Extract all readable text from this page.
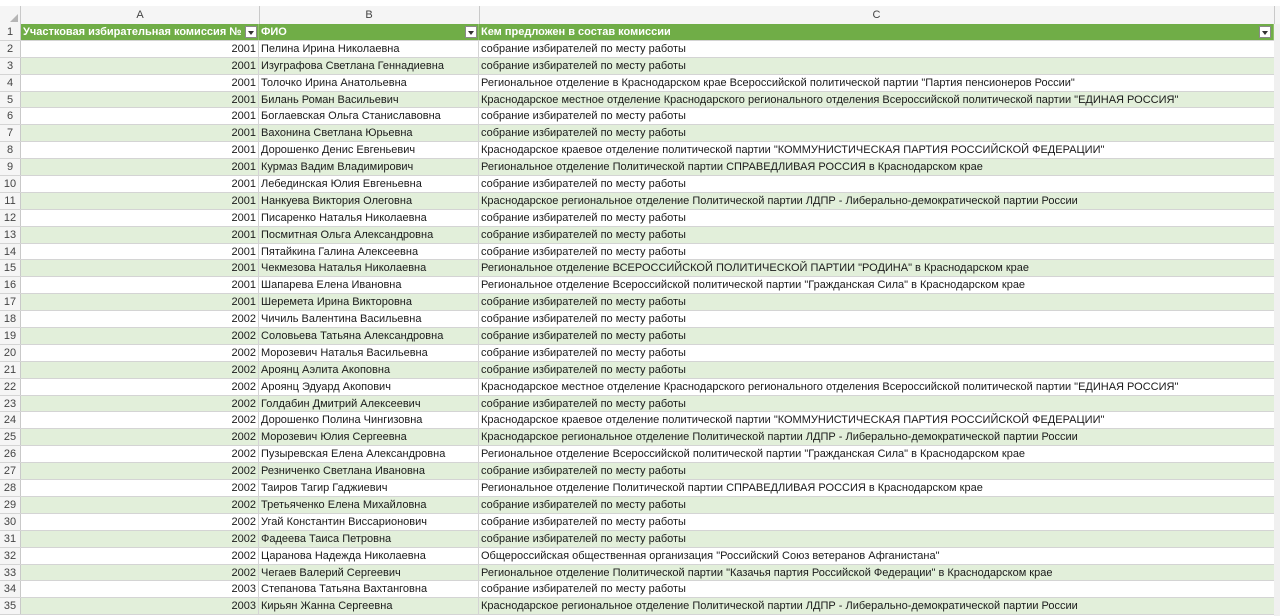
A	B	C
1 Участковая избирательная комиссия №	ФИО	Кем предложен в состав комиссии
2	2001 Пелина Ирина Николаевна	собрание избирателей по месту работы
3	2001 Изуграфова Светлана Геннадиевна	собрание избирателей по месту работы
4	2001 Толочко Ирина Анатольевна	Региональное отделение в Краснодарском крае Всероссийской политической партии "Партия пенсионеров России"
5	2001 Билань Роман Васильевич	Краснодарское местное отделение Краснодарского регионального отделения Всероссийской политической партии "ЕДИНАЯ РОССИЯ"
6	2001 Боглаевская Ольга Станиславовна	собрание избирателей по месту работы
7	2001 Вахонина Светлана Юрьевна	собрание избирателей по месту работы
8	2001 Дорошенко Денис Евгеньевич	Краснодарское краевое отделение политической партии "КОММУНИСТИЧЕСКАЯ ПАРТИЯ РОССИЙСКОЙ ФЕДЕРАЦИИ"
9	2001 Курмаз Вадим Владимирович	Региональное отделение Политической партии СПРАВЕДЛИВАЯ РОССИЯ в Краснодарском крае
10	2001 Лебединская Юлия Евгеньевна	собрание избирателей по месту работы
11	2001 Нанкуева Виктория Олеговна	Краснодарское региональное отделение Политической партии ЛДПР - Либерально-демократической партии России
12	2001 Писаренко Наталья Николаевна	собрание избирателей по месту работы
13	2001 Посмитная Ольга Александровна	собрание избирателей по месту работы
14	2001 Пятайкина Галина Алексеевна	собрание избирателей по месту работы
15	2001 Чекмезова Наталья Николаевна	Региональное отделение ВСЕРОССИЙСКОЙ ПОЛИТИЧЕСКОЙ ПАРТИИ "РОДИНА" в Краснодарском крае
16	2001 Шапарева Елена Ивановна	Региональное отделение Всероссийской политической партии "Гражданская Сила" в Краснодарском крае
17	2001 Шеремета Ирина Викторовна	собрание избирателей по месту работы
18	2002 Чичиль Валентина Васильевна	собрание избирателей по месту работы
19	2002 Соловьева Татьяна Александровна	собрание избирателей по месту работы
20	2002 Морозевич Наталья Васильевна	собрание избирателей по месту работы
21	2002 Ароянц Аэлита Акоповна	собрание избирателей по месту работы
22	2002 Ароянц Эдуард Акопович	Краснодарское местное отделение Краснодарского регионального отделения Всероссийской политической партии "ЕДИНАЯ РОССИЯ"
23	2002 Голдабин Дмитрий Алексеевич	собрание избирателей по месту работы
24	2002 Дорошенко Полина Чингизовна	Краснодарское краевое отделение политической партии "КОММУНИСТИЧЕСКАЯ ПАРТИЯ РОССИЙСКОЙ ФЕДЕРАЦИИ"
25	2002 Морозевич Юлия Сергеевна	Краснодарское региональное отделение Политической партии ЛДПР - Либерально-демократической партии России
26	2002 Пузыревская Елена Александровна	Региональное отделение Всероссийской политической партии "Гражданская Сила" в Краснодарском крае
27	2002 Резниченко Светлана Ивановна	собрание избирателей по месту работы
28	2002 Таиров Тагир Гаджиевич	Региональное отделение Политической партии СПРАВЕДЛИВАЯ РОССИЯ в Краснодарском крае
29	2002 Третьяченко Елена Михайловна	собрание избирателей по месту работы
30	2002 Угай Константин Виссарионович	собрание избирателей по месту работы
31	2002 Фадеева Таиса Петровна	собрание избирателей по месту работы
32	2002 Царанова Надежда Николаевна	Общероссийская общественная организация "Российский Союз ветеранов Афганистана"
33	2002 Чегаев Валерий Сергеевич	Региональное отделение Политической партии "Казачья партия Российской Федерации" в Краснодарском крае
34	2003 Степанова Татьяна Вахтанговна	собрание избирателей по месту работы
35	2003 Кирьян Жанна Сергеевна	Краснодарское региональное отделение Политической партии ЛДПР - Либерально-демократической партии России
